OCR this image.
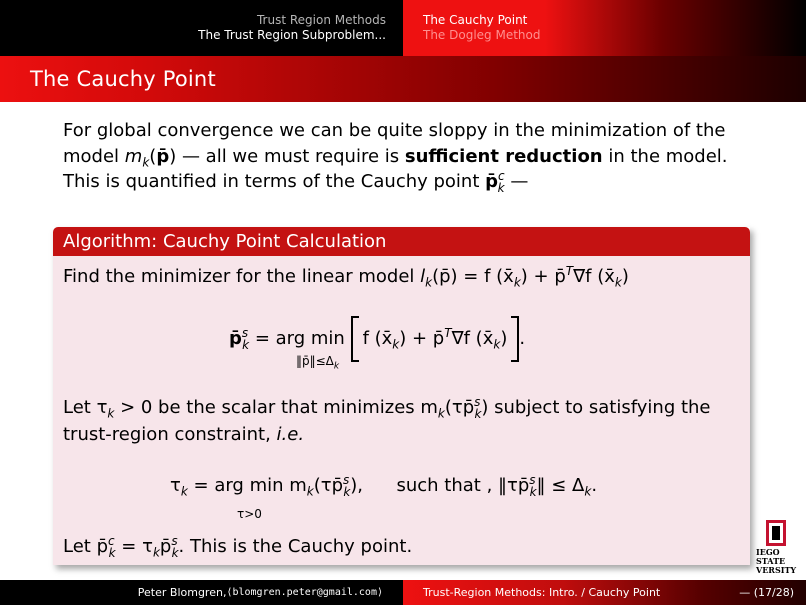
Trust Region Methods
The Trust Region Subproblem...
The Cauchy Point
The Dogleg Method
The Cauchy Point
For global convergence we can be quite sloppy in the minimization of the model $m_k(p̄)$ — all we must require is sufficient reduction in the model. This is quantified in terms of the Cauchy point p̄$^c_k$ —
Algorithm: Cauchy Point Calculation
Find the minimizer for the linear model $l_k(p̄) = f$ $(x̄_k)$ + p̄$^T$∇f $(x̄_k)$
p̄$^s_k$ = arg min f $(x̄_k)$ + p̄$^T$∇f $(x̄_k)$ .
$‖p̄‖\le\Delta_k$
Let $\tau_k > 0$ be the scalar that minimizes $m_k(\tau p̄^s_k)$ subject to satisfying the
trust-region constraint, i.e.
$\tau_k$ = arg $\min m_k(\tau p̄^s_k)$, such that , ‖τp̄$^s_k$‖ ≤ $\Delta_k$.
τ>0
Let p̄$^c_k$ = $\tau_kp̄^s_k$. This is the Cauchy point.	IEGO STATE
VERSITY
Peter Blomgren, ⟨blomgren.peter@gmail.com⟩	Trust-Region Methods: Intro. / Cauchy Point	— (17/28)
